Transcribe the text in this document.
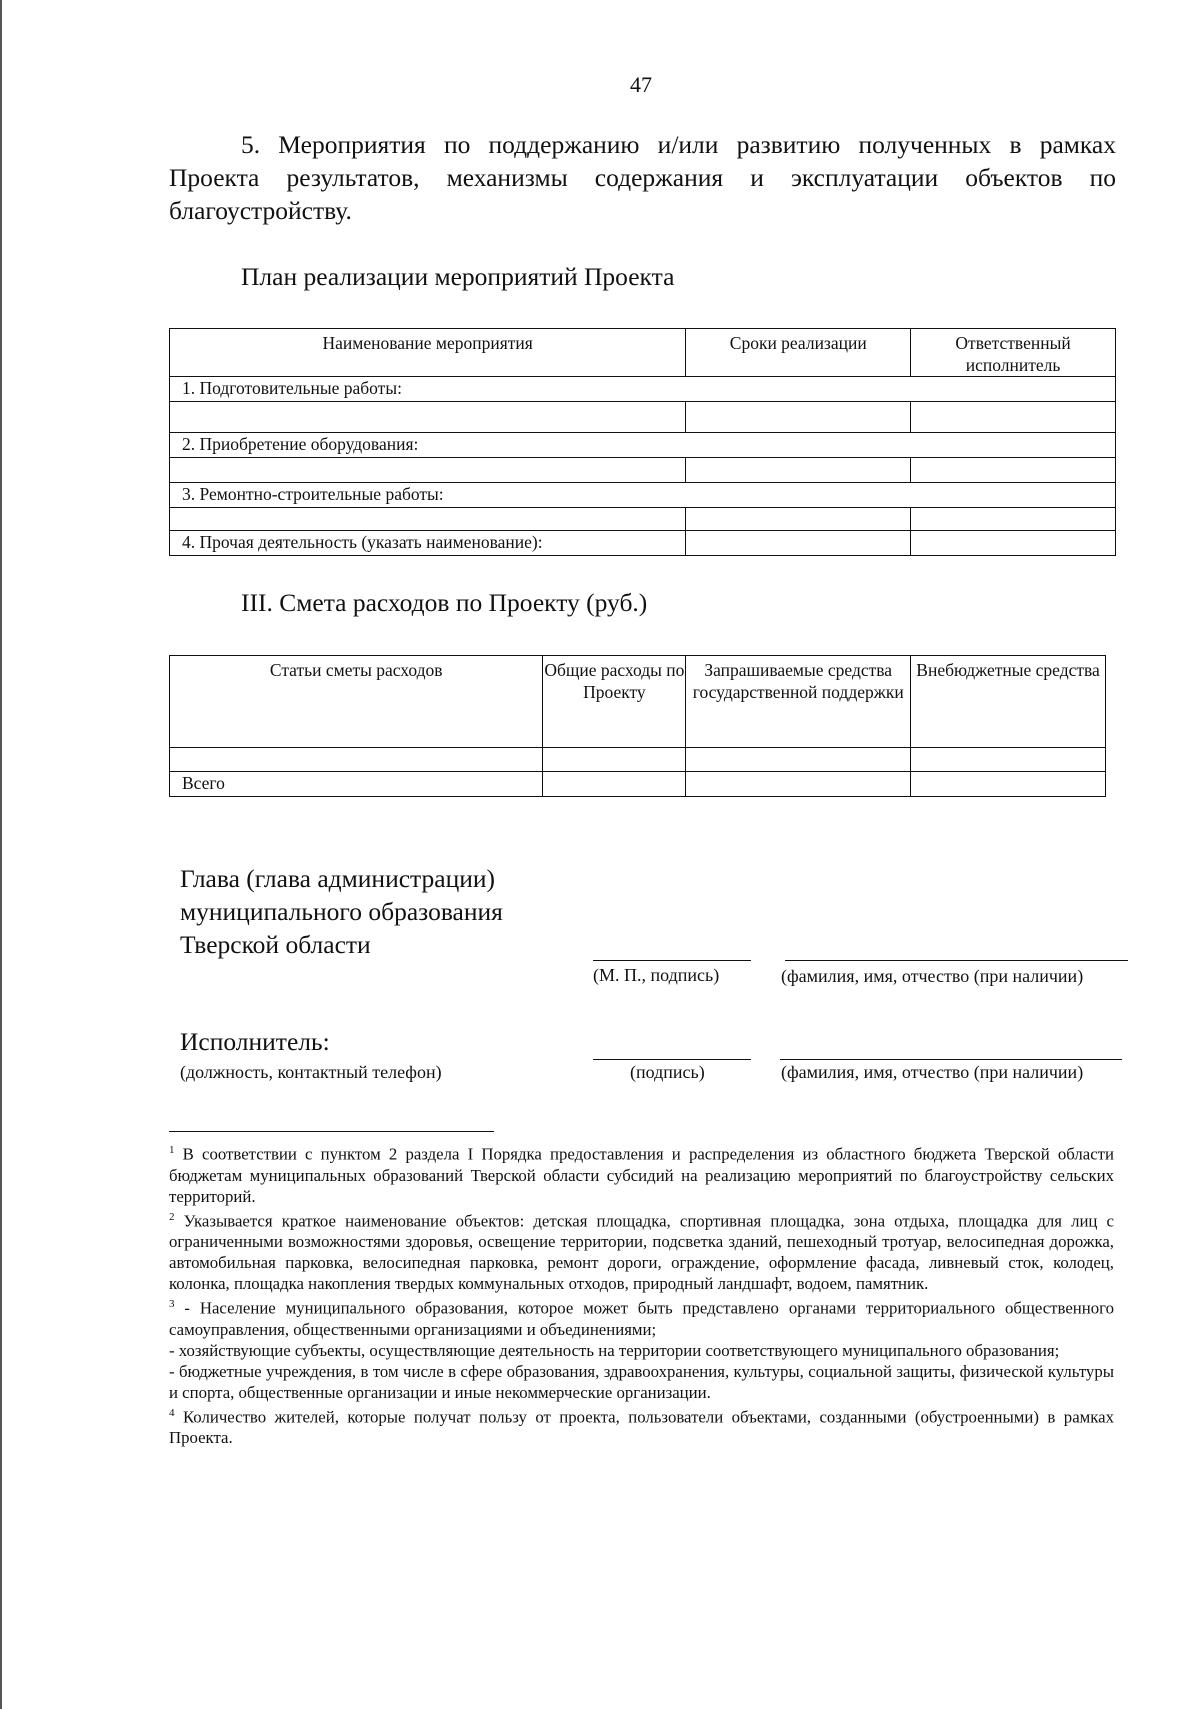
47

5. Мероприятия по поддержанию и/или развитию полученных в рамках Проекта результатов, механизмы содержания и эксплуатации объектов по благоустройству.

План реализации мероприятий Проекта
Наименование мероприятия	Сроки реализации	Ответственный исполнитель
1. Подготовительные работы:		

2. Приобретение оборудования:		

3. Ремонтно-строительные работы:		

4. Прочая деятельность (указать наименование):		
III. Смета расходов по Проекту (руб.)
Статьи сметы расходов	Общие расходы по Проекту	Запрашиваемые средства государственной поддержки	Внебюджетные средства

Всего			
Глава (глава администрации)
муниципального образования
Тверской области
(М. П., подпись)	(фамилия, имя, отчество (при наличии)
Исполнитель:
(должность, контактный телефон)	(подпись)	(фамилия, имя, отчество (при наличии)

$^1$ В соответствии с пунктом 2 раздела I Порядка предоставления и распределения из областного бюджета Тверской области бюджетам муниципальных образований Тверской области субсидий на реализацию мероприятий по благоустройству сельских территорий.

$^2$ Указывается краткое наименование объектов: детская площадка, спортивная площадка, зона отдыха, площадка для лиц с ограниченными возможностями здоровья, освещение территории, подсветка зданий, пешеходный тротуар, велосипедная дорожка, автомобильная парковка, велосипедная парковка, ремонт дороги, ограждение, оформление фасада, ливневый сток, колодец, колонка, площадка накопления твердых коммунальных отходов, природный ландшафт, водоем, памятник.

$^3$ - Население муниципального образования, которое может быть представлено органами территориального общественного самоуправления, общественными организациями и объединениями;

- хозяйствующие субъекты, осуществляющие деятельность на территории соответствующего муниципального образования;

- бюджетные учреждения, в том числе в сфере образования, здравоохранения, культуры, социальной защиты, физической культуры и спорта, общественные организации и иные некоммерческие организации.

$^4$ Количество жителей, которые получат пользу от проекта, пользователи объектами, созданными (обустроенными) в рамках Проекта.
